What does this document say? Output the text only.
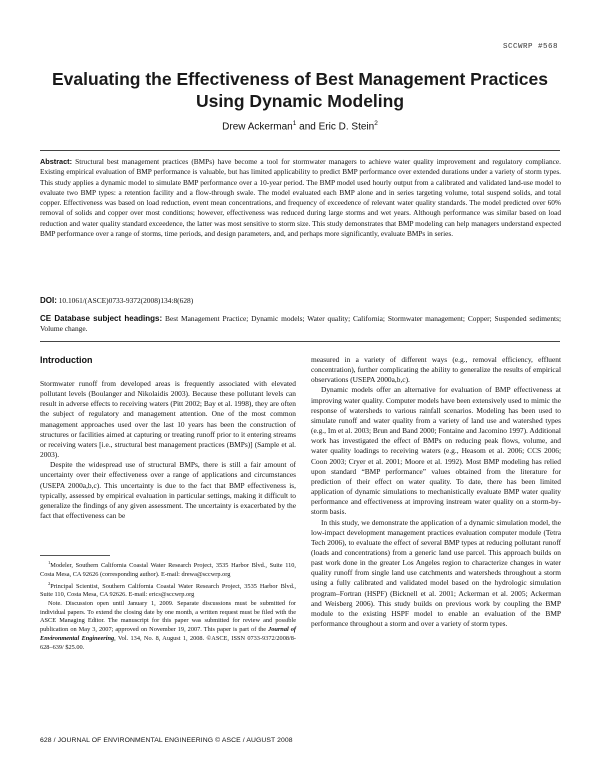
SCCWRP #568
Evaluating the Effectiveness of Best Management Practices
Using Dynamic Modeling
Drew Ackerman$^1$ and Eric D. Stein$^2$
Abstract: Structural best management practices (BMPs) have become a tool for stormwater managers to achieve water quality improvement and regulatory compliance. Existing empirical evaluation of BMP performance is valuable, but has limited applicability to predict BMP performance over extended durations under a variety of storm types. This study applies a dynamic model to simulate BMP performance over a 10-year period. The BMP model used hourly output from a calibrated and validated land-use model to evaluate two BMP types: a retention facility and a flow-through swale. The model evaluated each BMP alone and in series targeting volume, total suspend solids, and total copper. Effectiveness was based on load reduction, event mean concentrations, and frequency of exceedence of relevant water quality standards. The model predicted over 60% removal of solids and copper over most conditions; however, effectiveness was reduced during large storms and wet years. Although performance was similar based on load reduction and water quality standard exceedence, the latter was most sensitive to storm size. This study demonstrates that BMP modeling can help managers understand expected BMP performance over a range of storms, time periods, and design parameters, and, and perhaps more significantly, evaluate BMPs in series.
DOI: 10.1061/(ASCE)0733-9372(2008)134:8(628)
CE Database subject headings: Best Management Practice; Dynamic models; Water quality; California; Stormwater management; Copper; Suspended sediments; Volume change.
Introduction

Stormwater runoff from developed areas is frequently associated with elevated pollutant levels (Boulanger and Nikolaidis 2003). Because these pollutant levels can result in adverse effects to receiving waters (Pitt 2002; Bay et al. 1998), they are often the subject of regulatory and management attention. One of the most common management approaches used over the last 10 years has been the construction of structures or facilities aimed at capturing or treating runoff prior to it entering streams or receiving waters [i.e., structural best management practices (BMPs)] (Sample et al. 2003).

Despite the widespread use of structural BMPs, there is still a fair amount of uncertainty over their effectiveness over a range of applications and circumstances (USEPA 2000a,b,c). This uncertainty is due to the fact that BMP effectiveness is, typically, assessed by empirical evaluation in particular settings, making it difficult to generalize the findings of any given assessment. The uncertainty is exacerbated by the fact that effectiveness can be

$^1$Modeler, Southern California Coastal Water Research Project, 3535 Harbor Blvd., Suite 110, Costa Mesa, CA 92626 (corresponding author). E-mail: drewa@sccwrp.org

$^2$Principal Scientist, Southern California Coastal Water Research Project, 3535 Harbor Blvd., Suite 110, Costa Mesa, CA 92626. E-mail: erics@sccwrp.org

Note. Discussion open until January 1, 2009. Separate discussions must be submitted for individual papers. To extend the closing date by one month, a written request must be filed with the ASCE Managing Editor. The manuscript for this paper was submitted for review and possible publication on May 3, 2007; approved on November 19, 2007. This paper is part of the Journal of Environmental Engineering, Vol. 134, No. 8, August 1, 2008. ©ASCE, ISSN 0733-9372/2008/8-628–639/ $25.00.

measured in a variety of different ways (e.g., removal efficiency, effluent concentration), further complicating the ability to generalize the results of empirical observations (USEPA 2000a,b,c).

Dynamic models offer an alternative for evaluation of BMP effectiveness at improving water quality. Computer models have been extensively used to mimic the response of watersheds to various rainfall scenarios. Modeling has been used to simulate runoff and water quality from a variety of land use and watershed types (e.g., Im et al. 2003; Brun and Band 2000; Fontaine and Jacomino 1997). Additional work has investigated the effect of BMPs on reducing peak flows, volume, and water quality loadings to receiving waters (e.g., Heasom et al. 2006; CCS 2006; Coon 2003; Cryer et al. 2001; Moore et al. 1992). Most BMP modeling has relied upon standard “BMP performance” values obtained from the literature for prediction of their effect on water quality. To date, there has been limited application of dynamic simulations to mechanistically evaluate BMP water quality performance and effectiveness at improving instream water quality on a storm-by-storm basis.

In this study, we demonstrate the application of a dynamic simulation model, the low-impact development management practices evaluation computer module (Tetra Tech 2006), to evaluate the effect of several BMP types at reducing pollutant runoff (loads and concentrations) from a generic land use parcel. This approach builds on past work done in the greater Los Angeles region to characterize changes in water quality runoff from single land use catchments and watersheds throughout a storm using a fully calibrated and validated model based on the hydrologic simulation program–Fortran (HSPF) (Bicknell et al. 2001; Ackerman et al. 2005; Ackerman and Weisberg 2006). This study builds on previous work by coupling the BMP module to the existing HSPF model to enable an evaluation of the BMP performance throughout a storm and over a variety of storm types.

628 / JOURNAL OF ENVIRONMENTAL ENGINEERING © ASCE / AUGUST 2008
